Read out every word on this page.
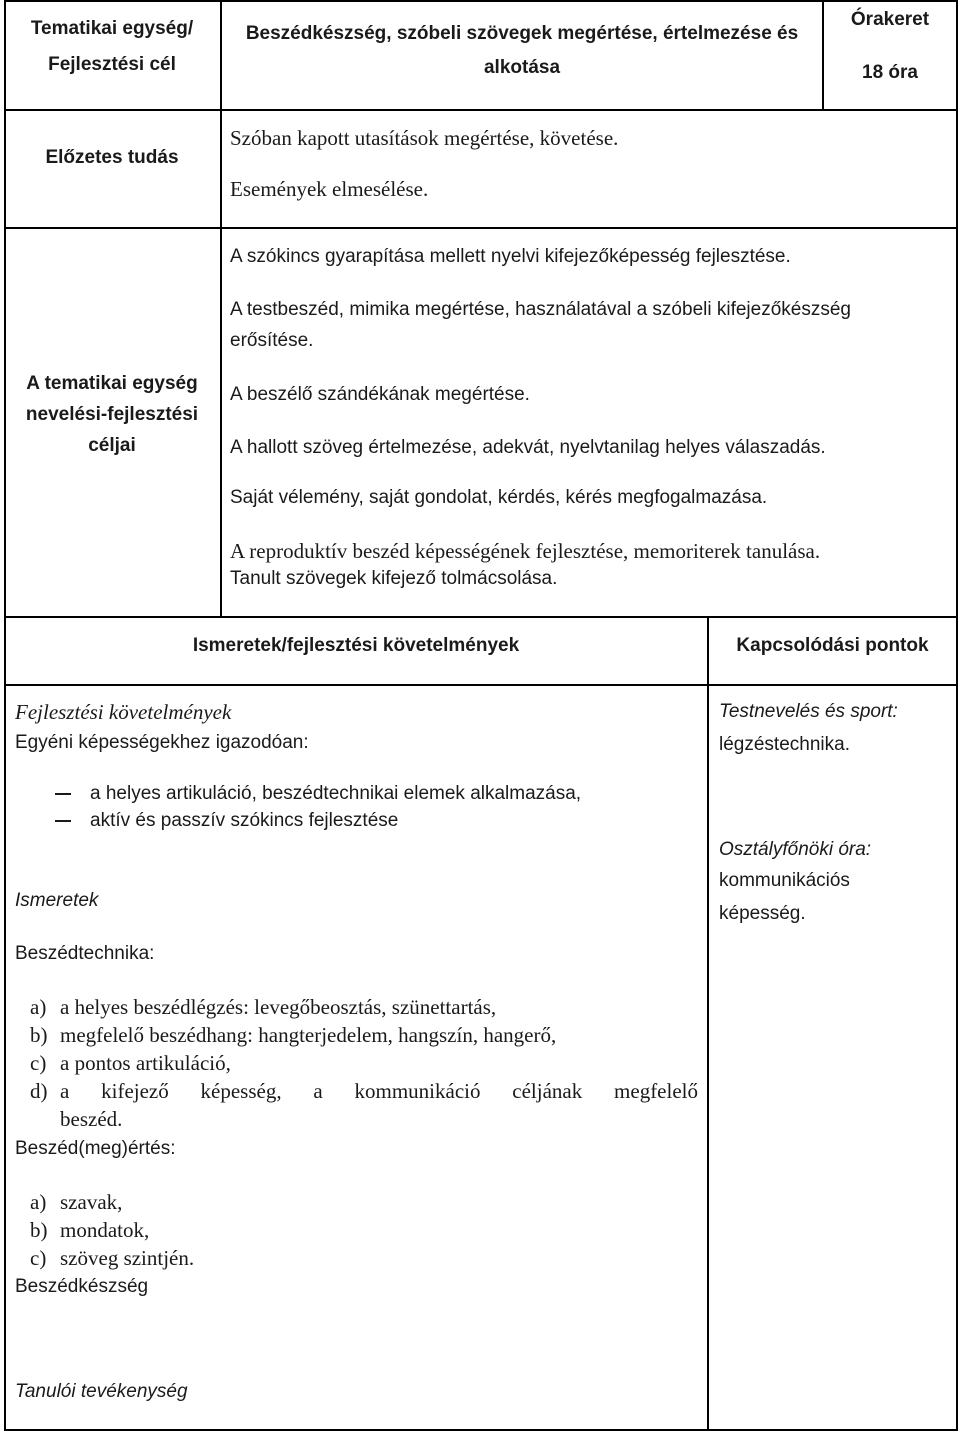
Tematikai egység/
Fejlesztési cél
Beszédkészség, szóbeli szövegek megértése, értelmezése és
alkotása
Órakeret
18 óra
Előzetes tudás
Szóban kapott utasítások megértése, követése.
Események elmesélése.
A tematikai egység
nevelési-fejlesztési
céljai
A szókincs gyarapítása mellett nyelvi kifejezőképesség fejlesztése.
A testbeszéd, mimika megértése, használatával a szóbeli kifejezőkészség
erősítése.
A beszélő szándékának megértése.
A hallott szöveg értelmezése, adekvát, nyelvtanilag helyes válaszadás.
Saját vélemény, saját gondolat, kérdés, kérés megfogalmazása.
A reproduktív beszéd képességének fejlesztése, memoriterek tanulása.
Tanult szövegek kifejező tolmácsolása.
Ismeretek/fejlesztési követelmények	Kapcsolódási pontok
Fejlesztési követelmények
Egyéni képességekhez igazodóan:
a helyes artikuláció, beszédtechnikai elemek alkalmazása,
aktív és passzív szókincs fejlesztése
Ismeretek
Beszédtechnika:
a) a helyes beszédlégzés: levegőbeosztás, szünettartás,
b) megfelelő beszédhang: hangterjedelem, hangszín, hangerő,
c) a pontos artikuláció,
d) a kifejező képesség, a kommunikáció céljának megfelelő
beszéd.
Beszéd(meg)értés:
a) szavak,
b) mondatok,
c) szöveg szintjén.
Beszédkészség
Tanulói tevékenység
Testnevelés és sport:
légzéstechnika.
Osztályfőnöki óra:
kommunikációs
képesség.
